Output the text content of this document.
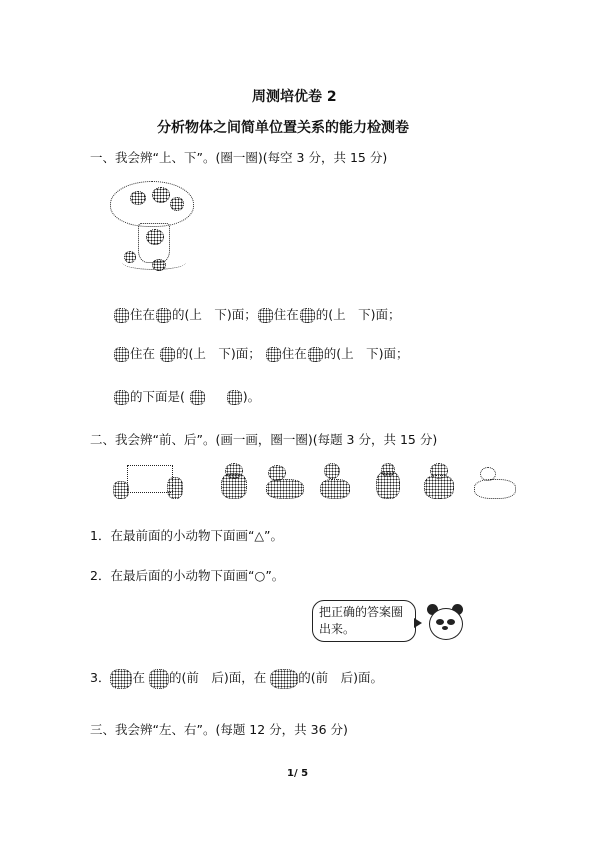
周测培优卷 2
分析物体之间简单位置关系的能力检测卷
一、我会辨“上、下”。(圈一圈)(每空 3 分，共 15 分)
住在 的(上　下)面； 住在 的(上　下)面；
住在 的(上　下)面； 住在 的(上　下)面；
的下面是(	)。
二、我会辨“前、后”。(画一画，圈一圈)(每题 3 分，共 15 分)
1．在最前面的小动物下面画“△”。
2．在最后面的小动物下面画“○”。
把正确的答案圈出来。
3． 在 的(前　后)面，在	的(前　后)面。
三、我会辨“左、右”。(每题 12 分，共 36 分)
1/ 5
